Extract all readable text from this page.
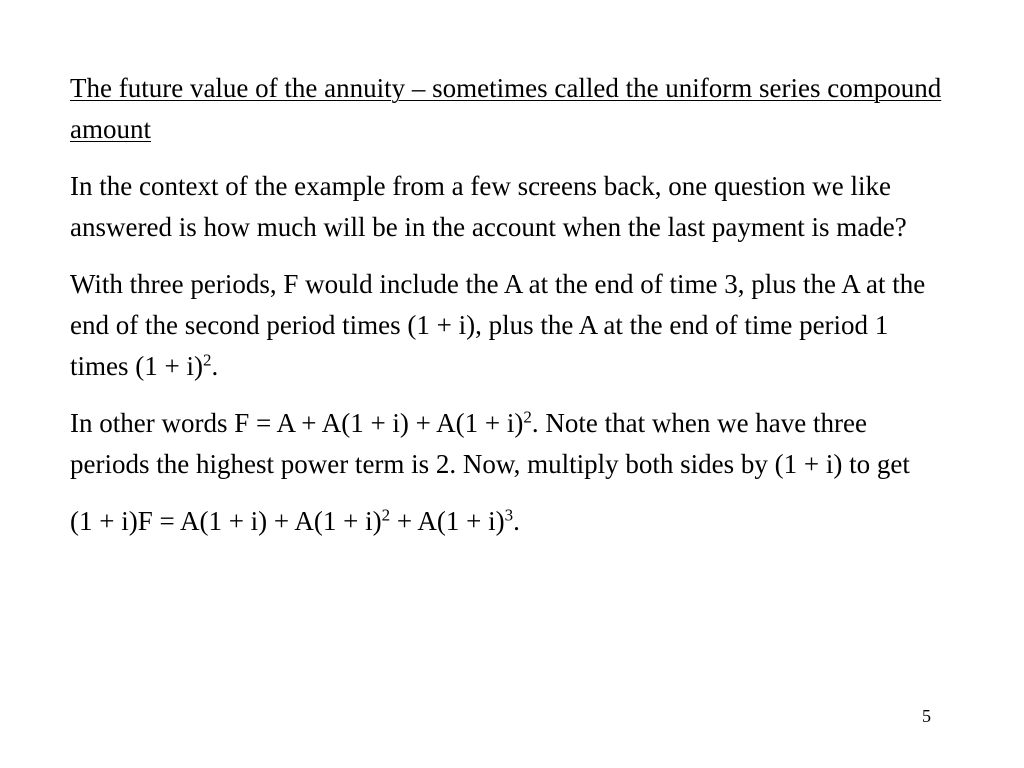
The future value of the annuity – sometimes called the uniform series compound amount

In the context of the example from a few screens back, one question we like answered is how much will be in the account when the last payment is made?

With three periods, F would include the A at the end of time 3, plus the A at the end of the second period times (1 + i), plus the A at the end of time period 1 times $(1 + i)^2$.

In other words $F = A + A(1 + i) + A(1 + i)^2$. Note that when we have three periods the highest power term is 2. Now, multiply both sides by (1 + i) to get

$(1 + i)F = A(1 + i) + A(1 + i)^2 + A(1 + i)^3$.

5
